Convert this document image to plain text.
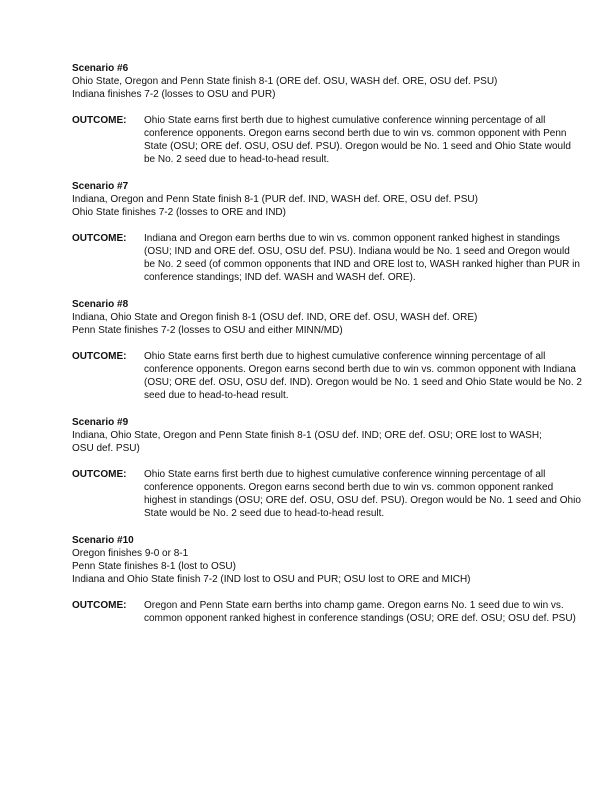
Scenario #6
Ohio State, Oregon and Penn State finish 8-1 (ORE def. OSU, WASH def. ORE, OSU def. PSU)
Indiana finishes 7-2 (losses to OSU and PUR)
OUTCOME:	Ohio State earns first berth due to highest cumulative conference winning percentage of all conference opponents. Oregon earns second berth due to win vs. common opponent with Penn State (OSU; ORE def. OSU, OSU def. PSU). Oregon would be No. 1 seed and Ohio State would be No. 2 seed due to head-to-head result.
Scenario #7
Indiana, Oregon and Penn State finish 8-1 (PUR def. IND, WASH def. ORE, OSU def. PSU)
Ohio State finishes 7-2 (losses to ORE and IND)
OUTCOME:	Indiana and Oregon earn berths due to win vs. common opponent ranked highest in standings (OSU; IND and ORE def. OSU, OSU def. PSU). Indiana would be No. 1 seed and Oregon would be No. 2 seed (of common opponents that IND and ORE lost to, WASH ranked higher than PUR in conference standings; IND def. WASH and WASH def. ORE).
Scenario #8
Indiana, Ohio State and Oregon finish 8-1 (OSU def. IND, ORE def. OSU, WASH def. ORE)
Penn State finishes 7-2 (losses to OSU and either MINN/MD)
OUTCOME:	Ohio State earns first berth due to highest cumulative conference winning percentage of all conference opponents. Oregon earns second berth due to win vs. common opponent with Indiana (OSU; ORE def. OSU, OSU def. IND). Oregon would be No. 1 seed and Ohio State would be No. 2 seed due to head-to-head result.
Scenario #9
Indiana, Ohio State, Oregon and Penn State finish 8-1 (OSU def. IND; ORE def. OSU; ORE lost to WASH;
OSU def. PSU)
OUTCOME:	Ohio State earns first berth due to highest cumulative conference winning percentage of all conference opponents. Oregon earns second berth due to win vs. common opponent ranked highest in standings (OSU; ORE def. OSU, OSU def. PSU). Oregon would be No. 1 seed and Ohio State would be No. 2 seed due to head-to-head result.
Scenario #10
Oregon finishes 9-0 or 8-1
Penn State finishes 8-1 (lost to OSU)
Indiana and Ohio State finish 7-2 (IND lost to OSU and PUR; OSU lost to ORE and MICH)
OUTCOME:	Oregon and Penn State earn berths into champ game. Oregon earns No. 1 seed due to win vs. common opponent ranked highest in conference standings (OSU; ORE def. OSU; OSU def. PSU)
